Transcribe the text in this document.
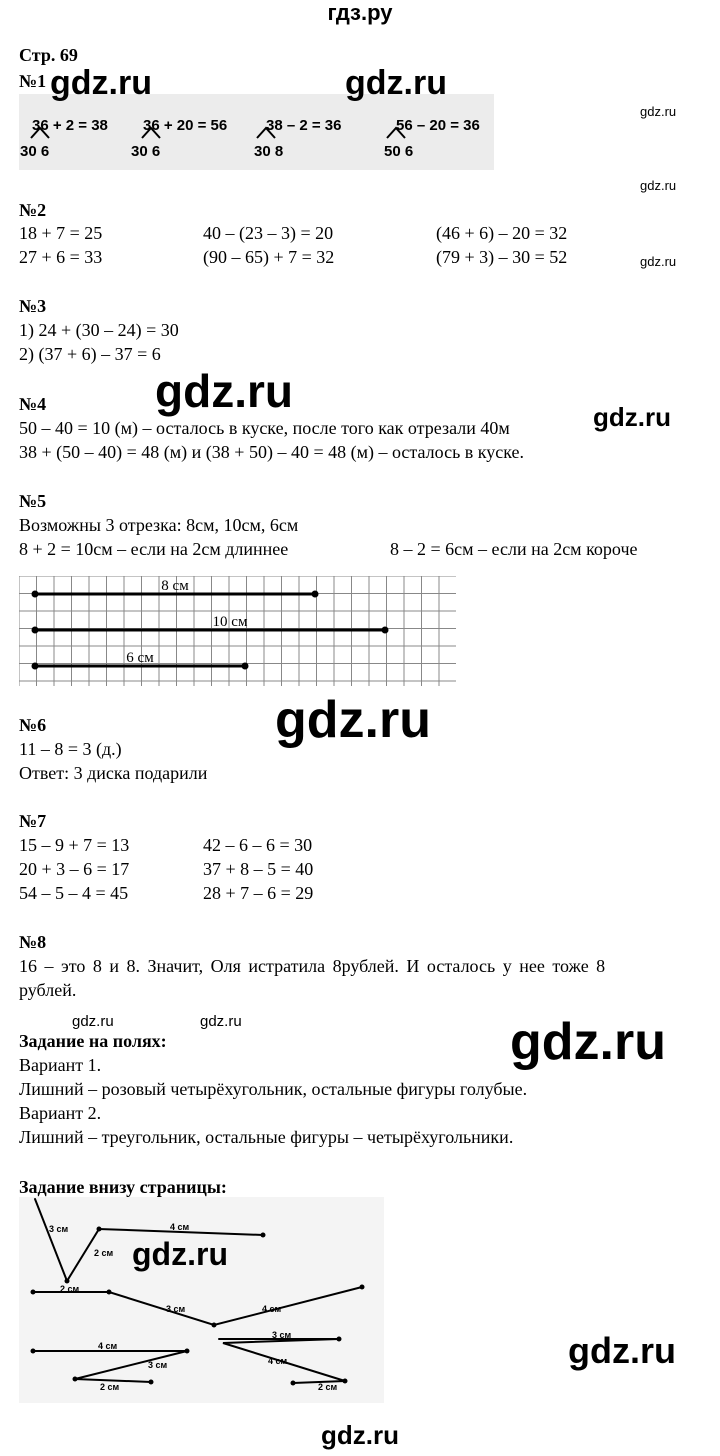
гдз.ру
Стр. 69
№1
36 + 2 = 38
30 6
36 + 20 = 56
30 6
38 – 2 = 36
30 8
56 – 20 = 36
50 6
gdz.ru	gdz.ru
gdz.ru
gdz.ru
gdz.ru
№2
18 + 7 = 25	40 – (23 – 3) = 20	(46 + 6) – 20 = 32
27 + 6 = 33	(90 – 65) + 7 = 32	(79 + 3) – 30 = 52
№3
1) 24 + (30 – 24) = 30
2) (37 + 6) – 37 = 6
gdz.ru
№4
50 – 40 = 10 (м) – осталось в куске, после того как отрезали 40м
38 + (50 – 40) = 48 (м) и (38 + 50) – 40 = 48 (м) – осталось в куске.
gdz.ru
№5
Возможны 3 отрезка: 8см, 10см, 6см
8 + 2 = 10см – если на 2см длиннее	8 – 2 = 6см – если на 2см короче
8 см
10 см
6 см
gdz.ru
№6
11 – 8 = 3 (д.)
Ответ: 3 диска подарили
№7
15 – 9 + 7 = 13	42 – 6 – 6 = 30
20 + 3 – 6 = 17	37 + 8 – 5 = 40
54 – 5 – 4 = 45	28 + 7 – 6 = 29
№8
16 – это 8 и 8. Значит, Оля истратила 8рублей. И осталось у нее тоже 8
рублей.
gdz.ru	gdz.ru	gdz.ru
Задание на полях:
Вариант 1.
Лишний – розовый четырёхугольник, остальные фигуры голубые.
Вариант 2.
Лишний – треугольник, остальные фигуры – четырёхугольники.
Задание внизу страницы:
3 см
2 см
4 см
2 см
3 см	4 см
4 см
3 см
2 см
3 см
4 см
2 см
gdz.ru
gdz.ru
gdz.ru
